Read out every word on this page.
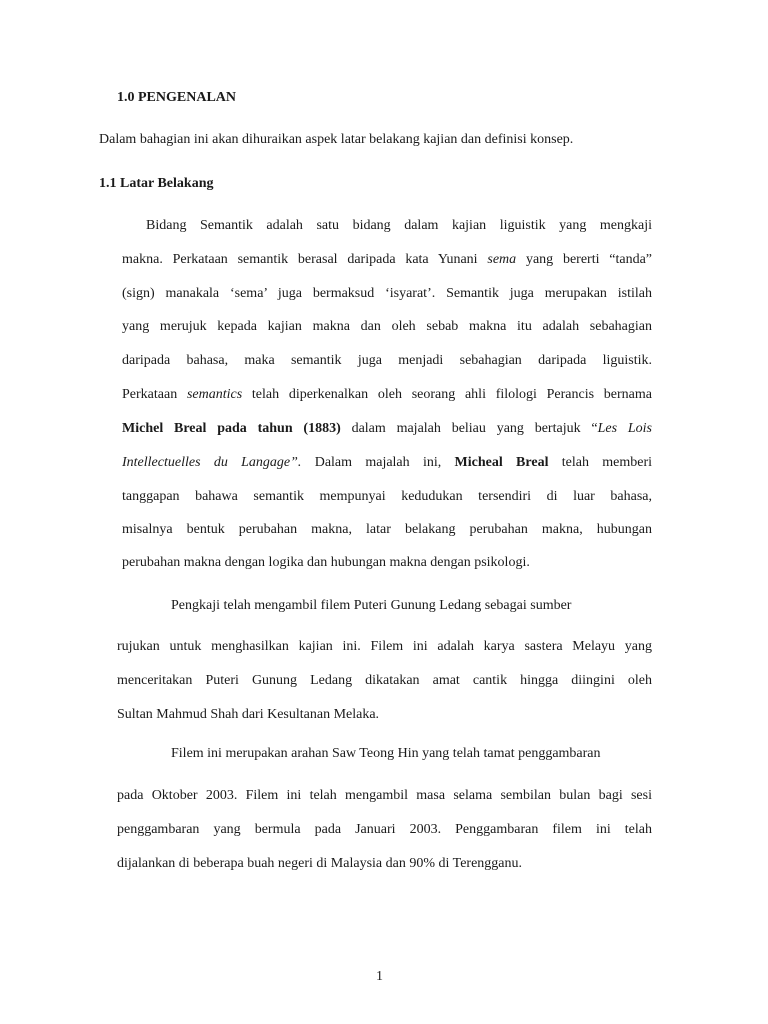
1.0 PENGENALAN
Dalam bahagian ini akan dihuraikan aspek latar belakang kajian dan definisi konsep.
1.1 Latar Belakang
Bidang Semantik adalah satu bidang dalam kajian liguistik yang mengkaji
makna. Perkataan semantik berasal daripada kata Yunani sema yang bererti “tanda”
(sign) manakala ‘sema’ juga bermaksud ‘isyarat’. Semantik juga merupakan istilah
yang merujuk kepada kajian makna dan oleh sebab makna itu adalah sebahagian
daripada bahasa, maka semantik juga menjadi sebahagian daripada liguistik.
Perkataan semantics telah diperkenalkan oleh seorang ahli filologi Perancis bernama
Michel Breal pada tahun (1883) dalam majalah beliau yang bertajuk “Les Lois
Intellectuelles du Langage”. Dalam majalah ini, Micheal Breal telah memberi
tanggapan bahawa semantik mempunyai kedudukan tersendiri di luar bahasa,
misalnya bentuk perubahan makna, latar belakang perubahan makna, hubungan
perubahan makna dengan logika dan hubungan makna dengan psikologi.
Pengkaji telah mengambil filem Puteri Gunung Ledang sebagai sumber
rujukan untuk menghasilkan kajian ini. Filem ini adalah karya sastera Melayu yang
menceritakan Puteri Gunung Ledang dikatakan amat cantik hingga diingini oleh
Sultan Mahmud Shah dari Kesultanan Melaka.
Filem ini merupakan arahan Saw Teong Hin yang telah tamat penggambaran
pada Oktober 2003. Filem ini telah mengambil masa selama sembilan bulan bagi sesi
penggambaran yang bermula pada Januari 2003. Penggambaran filem ini telah
dijalankan di beberapa buah negeri di Malaysia dan 90% di Terengganu.
1
